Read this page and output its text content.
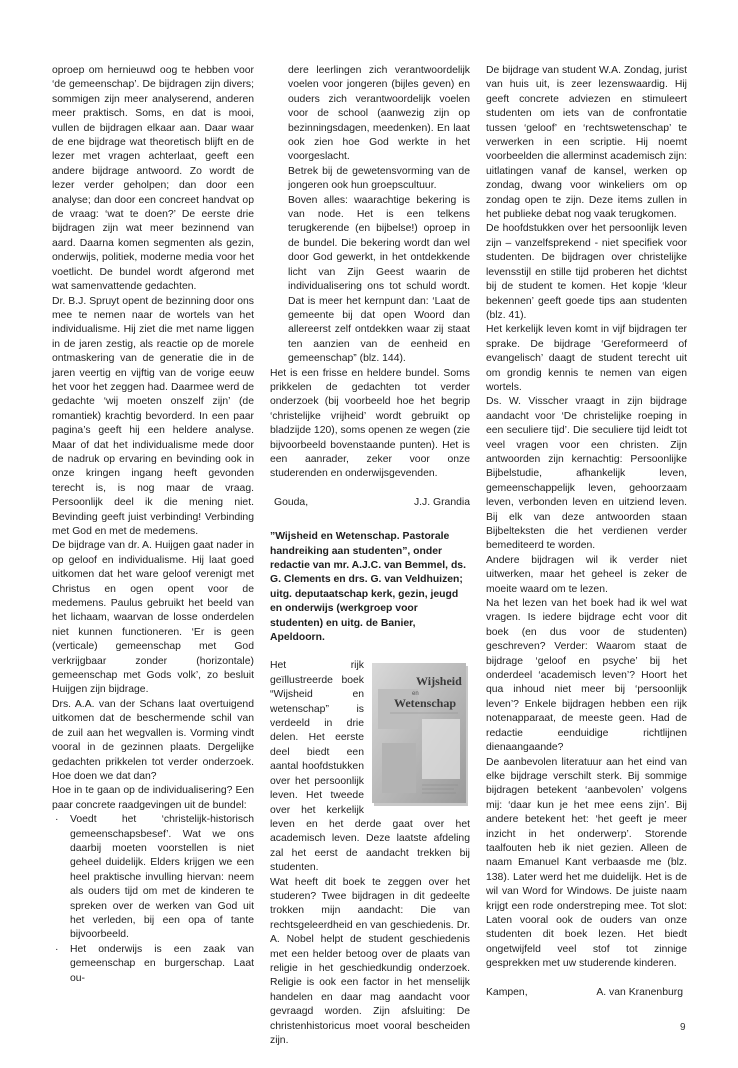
oproep om hernieuwd oog te hebben voor ‘de gemeenschap’. De bijdragen zijn divers; sommigen zijn meer analyserend, anderen meer praktisch. Soms, en dat is mooi, vullen de bijdragen elkaar aan. Daar waar de ene bijdrage wat theoretisch blijft en de lezer met vragen achterlaat, geeft een andere bijdrage antwoord. Zo wordt de lezer verder geholpen; dan door een analyse; dan door een concreet handvat op de vraag: ‘wat te doen?’ De eerste drie bijdragen zijn wat meer bezinnend van aard. Daarna komen segmenten als gezin, onderwijs, politiek, moderne media voor het voetlicht. De bundel wordt afgerond met wat samenvattende gedachten.

Dr. B.J. Spruyt opent de bezinning door ons mee te nemen naar de wortels van het individualisme. Hij ziet die met name liggen in de jaren zestig, als reactie op de morele ontmaskering van de generatie die in de jaren veertig en vijftig van de vorige eeuw het voor het zeggen had. Daarmee werd de gedachte ‘wij moeten onszelf zijn’ (de romantiek) krachtig bevorderd. In een paar pagina’s geeft hij een heldere analyse. Maar of dat het individualisme mede door de nadruk op ervaring en bevinding ook in onze kringen ingang heeft gevonden terecht is, is nog maar de vraag. Persoonlijk deel ik die mening niet. Bevinding geeft juist verbinding! Verbinding met God en met de medemens.

De bijdrage van dr. A. Huijgen gaat nader in op geloof en individualisme. Hij laat goed uitkomen dat het ware geloof verenigt met Christus en ogen opent voor de medemens. Paulus gebruikt het beeld van het lichaam, waarvan de losse onderdelen niet kunnen functioneren. ‘Er is geen (verticale) gemeenschap met God verkrijgbaar zonder (horizontale) gemeenschap met Gods volk’, zo besluit Huijgen zijn bijdrage.

Drs. A.A. van der Schans laat overtuigend uitkomen dat de beschermende schil van de zuil aan het wegvallen is. Vorming vindt vooral in de gezinnen plaats. Dergelijke gedachten prikkelen tot verder onderzoek. Hoe doen we dat dan?

Hoe in te gaan op de individualisering? Een paar concrete raadgevingen uit de bundel:

· Voedt het ‘christelijk-historisch gemeenschapsbesef’. Wat we ons daarbij moeten voorstellen is niet geheel duidelijk. Elders krijgen we een heel praktische invulling hiervan: neem als ouders tijd om met de kinderen te spreken over de werken van God uit het verleden, bij een opa of tante bijvoorbeeld.
· Het onderwijs is een zaak van gemeenschap en burgerschap. Laat ou-

dere leerlingen zich verantwoordelijk voelen voor jongeren (bijles geven) en ouders zich verantwoordelijk voelen voor de school (aanwezig zijn op bezinningsdagen, meedenken). En laat ook zien hoe God werkte in het voorgeslacht.

· Betrek bij de gewetensvorming van de jongeren ook hun groepscultuur.
· Boven alles: waarachtige bekering is van node. Het is een telkens terugkerende (en bijbelse!) oproep in de bundel. Die bekering wordt dan wel door God gewerkt, in het ontdekkende licht van Zijn Geest waarin de individualisering ons tot schuld wordt. Dat is meer het kernpunt dan: ‘Laat de gemeente bij dat open Woord dan allereerst zelf ontdekken waar zij staat ten aanzien van de eenheid en gemeenschap” (blz. 144).

Het is een frisse en heldere bundel. Soms prikkelen de gedachten tot verder onderzoek (bij voorbeeld hoe het begrip ‘christelijke vrijheid’ wordt gebruikt op bladzijde 120), soms openen ze wegen (zie bijvoorbeeld bovenstaande punten). Het is een aanrader, zeker voor onze studerenden en onderwijsgevenden.

Gouda,	J.J. Grandia

”Wijsheid en Wetenschap. Pastorale handreiking aan studenten”, onder redactie van mr. A.J.C. van Bemmel, ds. G. Clements en drs. G. van Veldhuizen; uitg. deputaatschap kerk, gezin, jeugd en onderwijs (werkgroep voor studenten) en uitg. de Banier, Apeldoorn.

Wijsheid
en
Wetenschap

Het rijk geïllustreerde boek “Wijsheid en wetenschap” is verdeeld in drie delen. Het eerste deel biedt een aantal hoofdstukken over het persoonlijk leven. Het tweede over het kerkelijk leven en het derde gaat over het academisch leven. Deze laatste afdeling zal het eerst de aandacht trekken bij studenten.

Wat heeft dit boek te zeggen over het studeren? Twee bijdragen in dit gedeelte trokken mijn aandacht: Die van rechtsgeleerdheid en van geschiedenis. Dr. A. Nobel helpt de student geschiedenis met een helder betoog over de plaats van religie in het geschiedkundig onderzoek. Religie is ook een factor in het menselijk handelen en daar mag aandacht voor gevraagd worden. Zijn afsluiting: De christenhistoricus moet vooral bescheiden zijn.

De bijdrage van student W.A. Zondag, jurist van huis uit, is zeer lezenswaardig. Hij geeft concrete adviezen en stimuleert studenten om iets van de confrontatie tussen ‘geloof’ en ‘rechtswetenschap’ te verwerken in een scriptie. Hij noemt voorbeelden die allerminst academisch zijn: uitlatingen vanaf de kansel, werken op zondag, dwang voor winkeliers om op zondag open te zijn. Deze items zullen in het publieke debat nog vaak terugkomen.

De hoofdstukken over het persoonlijk leven zijn – vanzelfsprekend - niet specifiek voor studenten. De bijdragen over christelijke levensstijl en stille tijd proberen het dichtst bij de student te komen. Het kopje ‘kleur bekennen’ geeft goede tips aan studenten (blz. 41).

Het kerkelijk leven komt in vijf bijdragen ter sprake. De bijdrage ‘Gereformeerd of evangelisch’ daagt de student terecht uit om grondig kennis te nemen van eigen wortels.

Ds. W. Visscher vraagt in zijn bijdrage aandacht voor ‘De christelijke roeping in een seculiere tijd’. Die seculiere tijd leidt tot veel vragen voor een christen. Zijn antwoorden zijn kernachtig: Persoonlijke Bijbelstudie, afhankelijk leven, gemeenschappelijk leven, gehoorzaam leven, verbonden leven en uitziend leven. Bij elk van deze antwoorden staan Bijbelteksten die het verdienen verder bemediteerd te worden.

Andere bijdragen wil ik verder niet uitwerken, maar het geheel is zeker de moeite waard om te lezen.

Na het lezen van het boek had ik wel wat vragen. Is iedere bijdrage echt voor dit boek (en dus voor de studenten) geschreven? Verder: Waarom staat de bijdrage ‘geloof en psyche’ bij het onderdeel ‘academisch leven’? Hoort het qua inhoud niet meer bij ‘persoonlijk leven’? Enkele bijdragen hebben een rijk notenapparaat, de meeste geen. Had de redactie eenduidige richtlijnen dienaangaande?

De aanbevolen literatuur aan het eind van elke bijdrage verschilt sterk. Bij sommige bijdragen betekent ‘aanbevolen’ volgens mij: ‘daar kun je het mee eens zijn’. Bij andere betekent het: ‘het geeft je meer inzicht in het onderwerp’. Storende taalfouten heb ik niet gezien. Alleen de naam Emanuel Kant verbaasde me (blz. 138). Later werd het me duidelijk. Het is de wil van Word for Windows. De juiste naam krijgt een rode onderstreping mee. Tot slot: Laten vooral ook de ouders van onze studenten dit boek lezen. Het biedt ongetwijfeld veel stof tot zinnige gesprekken met uw studerende kinderen.

Kampen,	A. van Kranenburg

9
